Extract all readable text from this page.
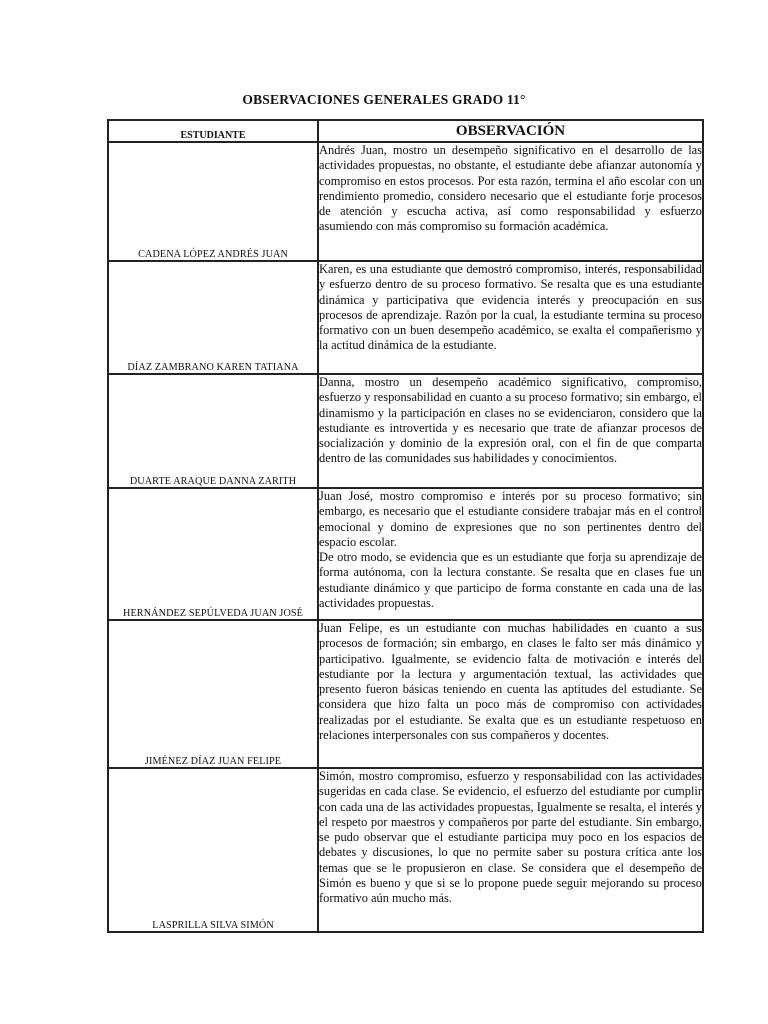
OBSERVACIONES GENERALES GRADO 11°
ESTUDIANTE	OBSERVACIÓN
CADENA LÓPEZ ANDRÉS JUAN	Andrés Juan, mostro un desempeño significativo en el desarrollo de las actividades propuestas, no obstante, el estudiante debe afianzar autonomía y compromiso en estos procesos. Por esta razón, termina el año escolar con un rendimiento promedio, considero necesario que el estudiante forje procesos de atención y escucha activa, así como responsabilidad y esfuerzo asumiendo con más compromiso su formación académica.
DÍAZ ZAMBRANO KAREN TATIANA	Karen, es una estudiante que demostró compromiso, interés, responsabilidad y esfuerzo dentro de su proceso formativo. Se resalta que es una estudiante dinámica y participativa que evidencia interés y preocupación en sus procesos de aprendizaje. Razón por la cual, la estudiante termina su proceso formativo con un buen desempeño académico, se exalta el compañerismo y la actitud dinámica de la estudiante.
DUARTE ARAQUE DANNA ZARITH	Danna, mostro un desempeño académico significativo, compromiso, esfuerzo y responsabilidad en cuanto a su proceso formativo; sin embargo, el dinamismo y la participación en clases no se evidenciaron, considero que la estudiante es introvertida y es necesario que trate de afianzar procesos de socialización y dominio de la expresión oral, con el fin de que comparta dentro de las comunidades sus habilidades y conocimientos.
HERNÁNDEZ SEPÚLVEDA JUAN JOSÉ	Juan José, mostro compromiso e interés por su proceso formativo; sin embargo, es necesario que el estudiante considere trabajar más en el control emocional y domino de expresiones que no son pertinentes dentro del espacio escolar.
De otro modo, se evidencia que es un estudiante que forja su aprendizaje de forma autónoma, con la lectura constante. Se resalta que en clases fue un estudiante dinámico y que participo de forma constante en cada una de las actividades propuestas.
JIMÉNEZ DÍAZ JUAN FELIPE	Juan Felipe, es un estudiante con muchas habilidades en cuanto a sus procesos de formación; sin embargo, en clases le falto ser más dinámico y participativo. Igualmente, se evidencio falta de motivación e interés del estudiante por la lectura y argumentación textual, las actividades que presento fueron básicas teniendo en cuenta las aptitudes del estudiante. Se considera que hizo falta un poco más de compromiso con actividades realizadas por el estudiante. Se exalta que es un estudiante respetuoso en relaciones interpersonales con sus compañeros y docentes.
LASPRILLA SILVA SIMÓN	Simón, mostro compromiso, esfuerzo y responsabilidad con las actividades sugeridas en cada clase. Se evidencio, el esfuerzo del estudiante por cumplir con cada una de las actividades propuestas, Igualmente se resalta, el interés y el respeto por maestros y compañeros por parte del estudiante. Sin embargo, se pudo observar que el estudiante participa muy poco en los espacios de debates y discusiones, lo que no permite saber su postura crítica ante los temas que se le propusieron en clase. Se considera que el desempeño de Simón es bueno y que si se lo propone puede seguir mejorando su proceso formativo aún mucho más.
